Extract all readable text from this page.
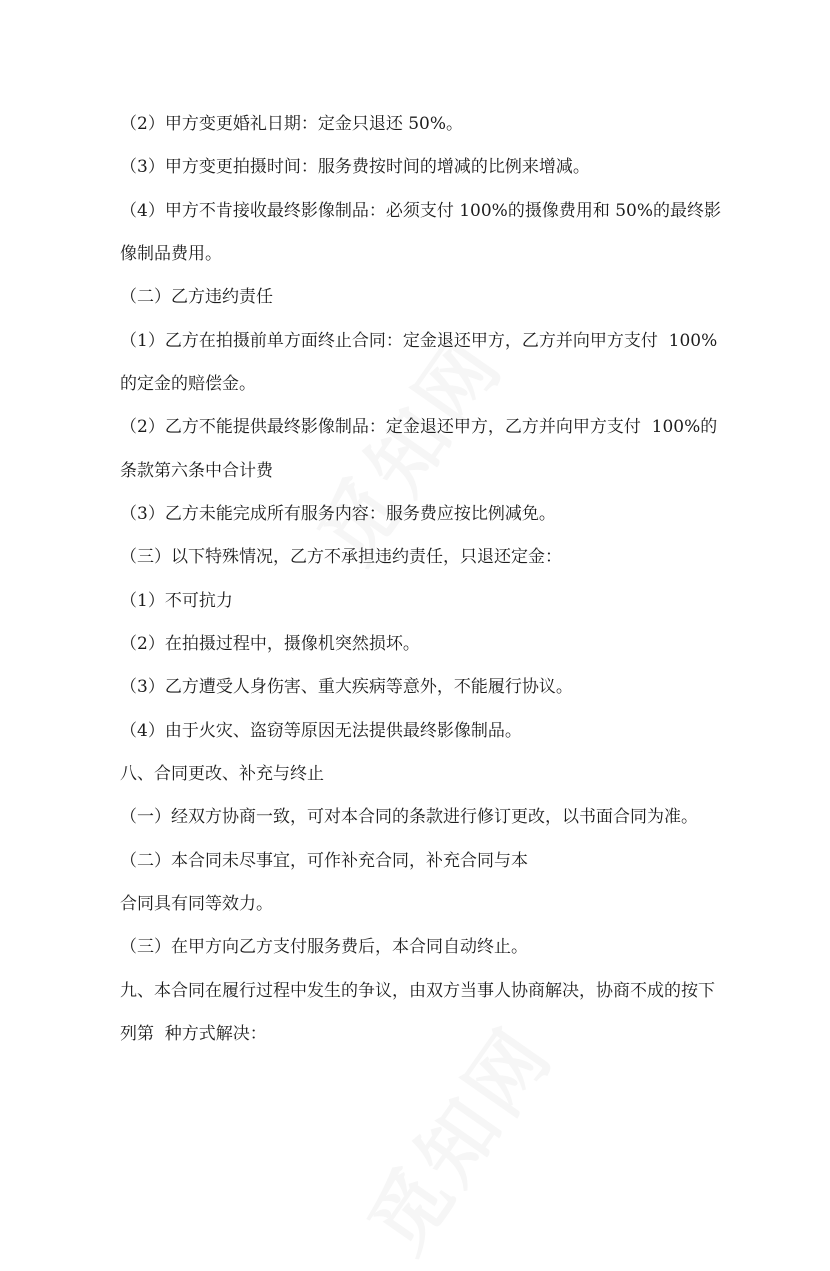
（2）甲方变更婚礼日期：定金只退还 50%。
（3）甲方变更拍摄时间：服务费按时间的增减的比例来增减。
（4）甲方不肯接收最终影像制品：必须支付 100%的摄像费用和 50%的最终影
像制品费用。
（二）乙方违约责任
（1）乙方在拍摄前单方面终止合同：定金退还甲方，乙方并向甲方支付  100%
的定金的赔偿金。
（2）乙方不能提供最终影像制品：定金退还甲方，乙方并向甲方支付  100%的
条款第六条中合计费
（3）乙方未能完成所有服务内容：服务费应按比例减免。
（三）以下特殊情况，乙方不承担违约责任，只退还定金：
（1）不可抗力
（2）在拍摄过程中，摄像机突然损坏。
（3）乙方遭受人身伤害、重大疾病等意外，不能履行协议。
（4）由于火灾、盗窃等原因无法提供最终影像制品。
八、合同更改、补充与终止
（一）经双方协商一致，可对本合同的条款进行修订更改，以书面合同为准。
（二）本合同未尽事宜，可作补充合同，补充合同与本
合同具有同等效力。
（三）在甲方向乙方支付服务费后，本合同自动终止。
九、本合同在履行过程中发生的争议，由双方当事人协商解决，协商不成的按下
列第  种方式解决：
